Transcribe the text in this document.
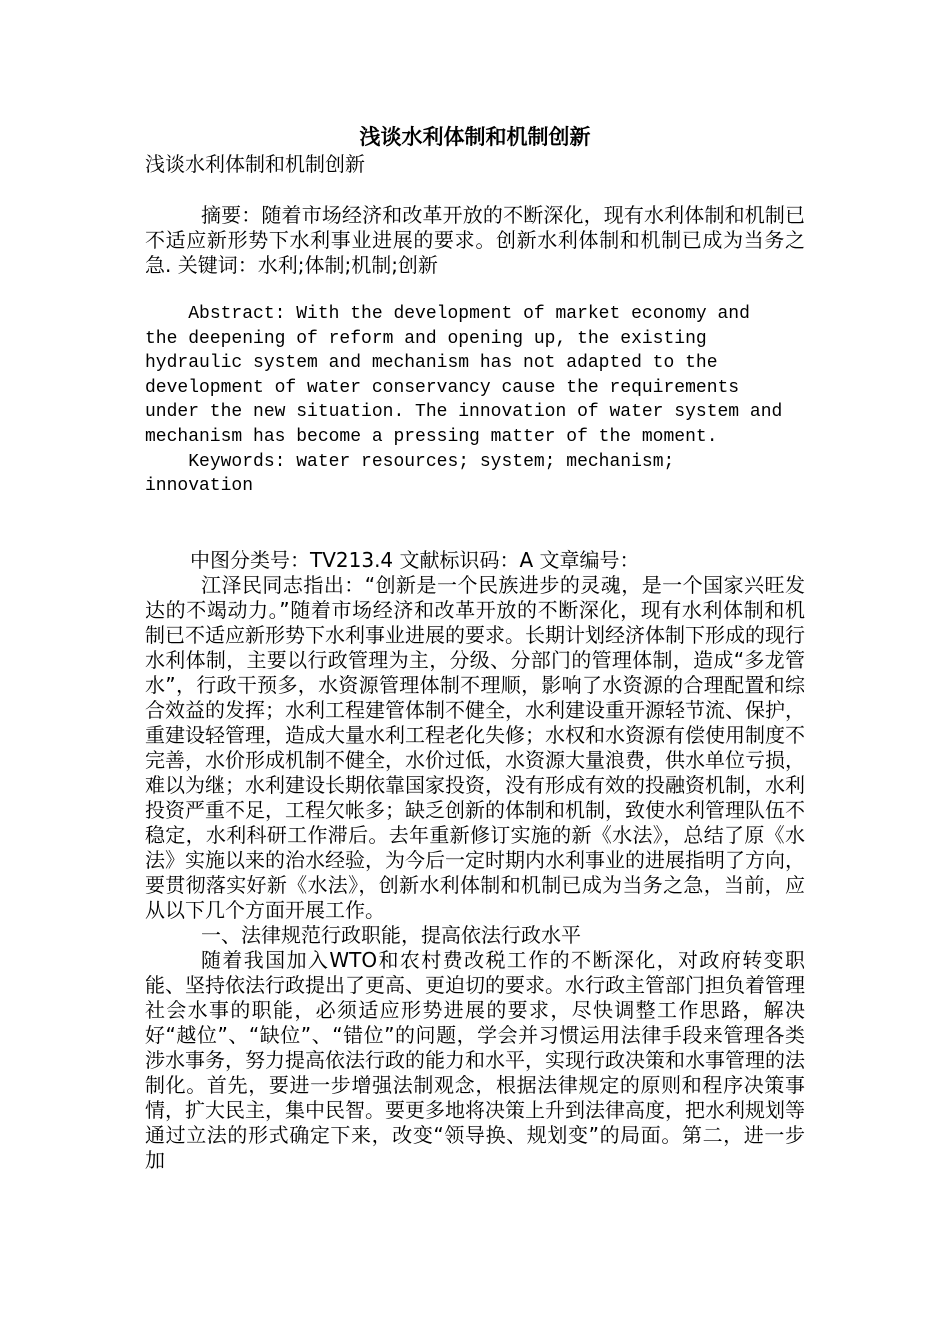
浅谈水利体制和机制创新
浅谈水利体制和机制创新
摘要：随着市场经济和改革开放的不断深化，现有水利体制和机制已不适应新形势下水利事业进展的要求。创新水利体制和机制已成为当务之急. 关键词：水利;体制;机制;创新
Abstract: With the development of market economy and
the deepening of reform and opening up, the existing
hydraulic system and mechanism has not adapted to the
development of water conservancy cause the requirements
under the new situation. The innovation of water system and
mechanism has become a pressing matter of the moment.
Keywords: water resources; system; mechanism;
innovation

中图分类号：TV213.4 文献标识码：A 文章编号：

江泽民同志指出：“创新是一个民族进步的灵魂，是一个国家兴旺发达的不竭动力。”随着市场经济和改革开放的不断深化，现有水利体制和机制已不适应新形势下水利事业进展的要求。长期计划经济体制下形成的现行水利体制，主要以行政管理为主，分级、分部门的管理体制，造成“多龙管水”，行政干预多，水资源管理体制不理顺，影响了水资源的合理配置和综合效益的发挥；水利工程建管体制不健全，水利建设重开源轻节流、保护，重建设轻管理，造成大量水利工程老化失修；水权和水资源有偿使用制度不完善，水价形成机制不健全，水价过低，水资源大量浪费，供水单位亏损，难以为继；水利建设长期依靠国家投资，没有形成有效的投融资机制，水利投资严重不足，工程欠帐多；缺乏创新的体制和机制，致使水利管理队伍不稳定，水利科研工作滞后。去年重新修订实施的新《水法》，总结了原《水法》实施以来的治水经验，为今后一定时期内水利事业的进展指明了方向，要贯彻落实好新《水法》，创新水利体制和机制已成为当务之急，当前，应从以下几个方面开展工作。

一、法律规范行政职能，提高依法行政水平

随着我国加入WTO和农村费改税工作的不断深化，对政府转变职能、坚持依法行政提出了更高、更迫切的要求。水行政主管部门担负着管理社会水事的职能，必须适应形势进展的要求，尽快调整工作思路，解决好“越位”、“缺位”、“错位”的问题，学会并习惯运用法律手段来管理各类涉水事务，努力提高依法行政的能力和水平，实现行政决策和水事管理的法制化。首先，要进一步增强法制观念，根据法律规定的原则和程序决策事情，扩大民主，集中民智。要更多地将决策上升到法律高度，把水利规划等通过立法的形式确定下来，改变“领导换、规划变”的局面。第二，进一步加
